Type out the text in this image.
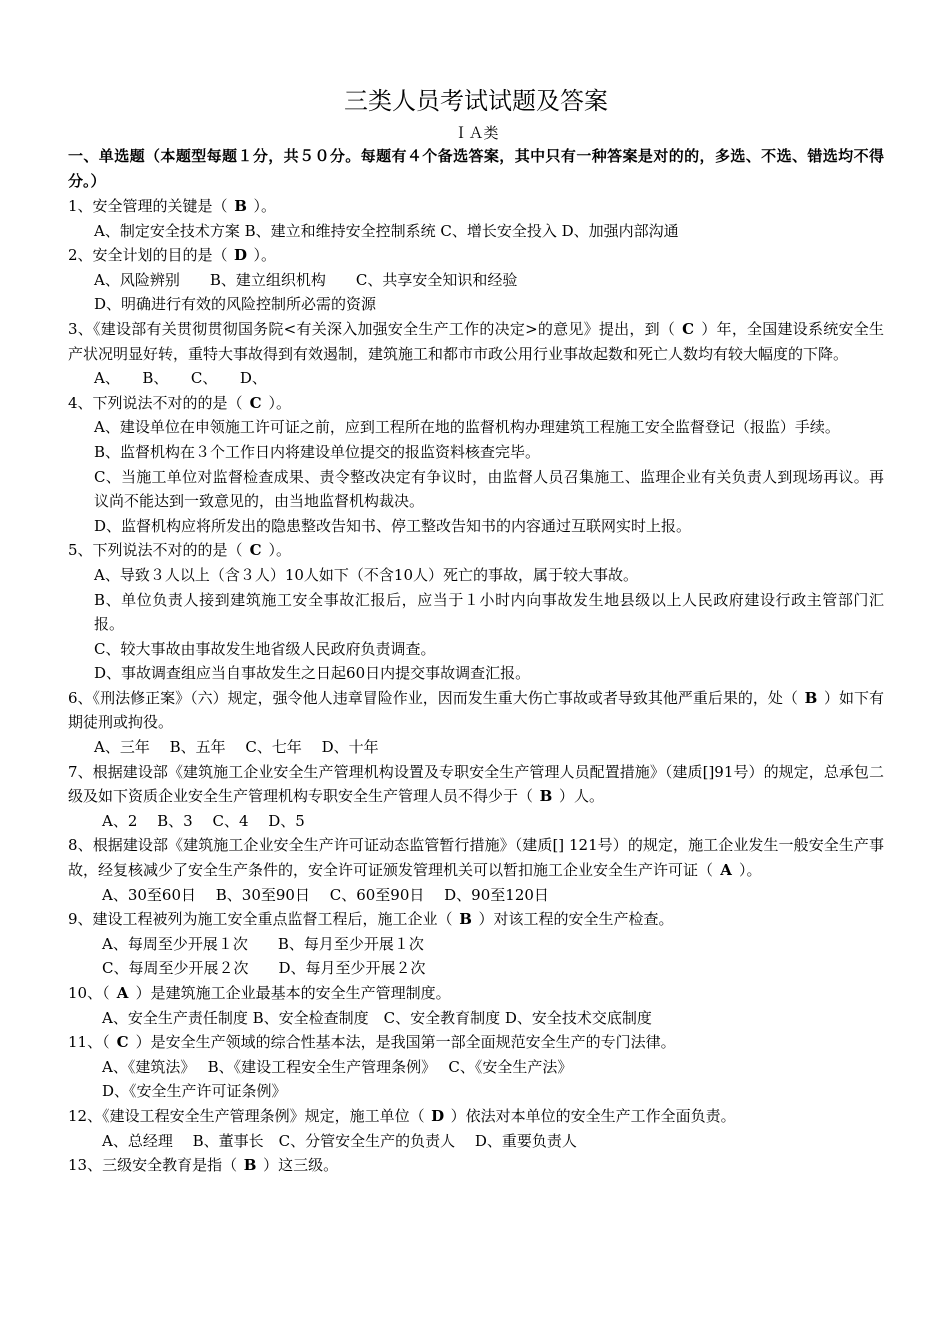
三类人员考试试题及答案

ＩＡ类

一、单选题（本题型每题１分，共５０分。每题有４个备选答案，其中只有一种答案是对的的，多选、不选、错选均不得分。）

1、安全管理的关键是（ B ）。

A、制定安全技术方案 B、建立和维持安全控制系统 C、增长安全投入 D、加强内部沟通

2、安全计划的目的是（ D ）。

A、风险辨别　　B、建立组织机构　　C、共享安全知识和经验

D、明确进行有效的风险控制所必需的资源

3、《建设部有关贯彻贯彻国务院<有关深入加强安全生产工作的决定>的意见》提出，到（ C ）年，全国建设系统安全生产状况明显好转，重特大事故得到有效遏制，建筑施工和都市市政公用行业事故起数和死亡人数均有较大幅度的下降。

A、　　B、　　C、　　D、

4、下列说法不对的的是（ C ）。

A、建设单位在申领施工许可证之前，应到工程所在地的监督机构办理建筑工程施工安全监督登记（报监）手续。

B、监督机构在３个工作日内将建设单位提交的报监资料核查完毕。

C、当施工单位对监督检查成果、责令整改决定有争议时，由监督人员召集施工、监理企业有关负责人到现场再议。再议尚不能达到一致意见的，由当地监督机构裁决。

D、监督机构应将所发出的隐患整改告知书、停工整改告知书的内容通过互联网实时上报。

5、下列说法不对的的是（ C ）。

A、导致３人以上（含３人）10人如下（不含10人）死亡的事故，属于较大事故。

B、单位负责人接到建筑施工安全事故汇报后，应当于１小时内向事故发生地县级以上人民政府建设行政主管部门汇报。

C、较大事故由事故发生地省级人民政府负责调查。

D、事故调查组应当自事故发生之日起60日内提交事故调查汇报。

6、《刑法修正案》（六）规定，强令他人违章冒险作业，因而发生重大伤亡事故或者导致其他严重后果的，处（ B ）如下有期徒刑或拘役。

A、三年　 B、五年　 C、七年　 D、十年

7、根据建设部《建筑施工企业安全生产管理机构设置及专职安全生产管理人员配置措施》（建质[]91号）的规定，总承包二级及如下资质企业安全生产管理机构专职安全生产管理人员不得少于（ B ）人。

A、2　 B、3　 C、4　 D、5

8、根据建设部《建筑施工企业安全生产许可证动态监管暂行措施》（建质[] 121号）的规定，施工企业发生一般安全生产事故，经复核减少了安全生产条件的，安全许可证颁发管理机关可以暂扣施工企业安全生产许可证（ A ）。

A、30至60日　 B、30至90日　 C、60至90日　 D、90至120日

9、建设工程被列为施工安全重点监督工程后，施工企业（ B ）对该工程的安全生产检查。

A、每周至少开展１次　　B、每月至少开展１次

C、每周至少开展２次　　D、每月至少开展２次

10、（ A ）是建筑施工企业最基本的安全生产管理制度。

A、安全生产责任制度 B、安全检查制度　C、安全教育制度 D、安全技术交底制度

11、（ C ）是安全生产领域的综合性基本法，是我国第一部全面规范安全生产的专门法律。

A、《建筑法》　 B、《建设工程安全生产管理条例》　 C、《安全生产法》

D、《安全生产许可证条例》

12、《建设工程安全生产管理条例》规定，施工单位（ D ）依法对本单位的安全生产工作全面负责。

A、总经理　 B、董事长　C、分管安全生产的负责人　 D、重要负责人

13、三级安全教育是指（ B ）这三级。
